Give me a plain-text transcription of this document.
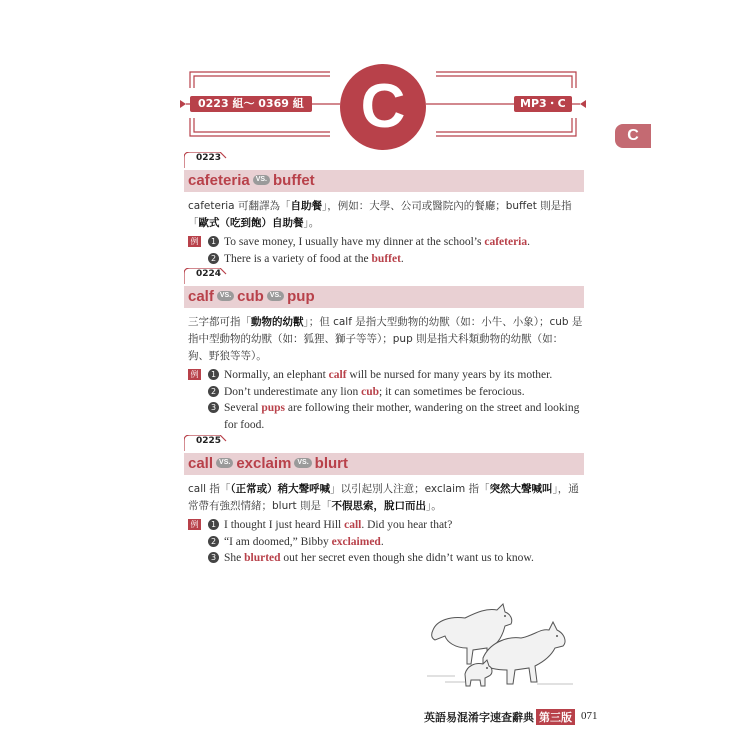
C
0223 組～ 0369 組	MP3・C
C
0223
cafeteria VS. buffet
cafeteria 可翻譯為「自助餐」，例如：大學、公司或醫院內的餐廳；buffet 則是指「歐式（吃到飽）自助餐」。
例	1 To save money, I usually have my dinner at the school’s cafeteria.
2 There is a variety of food at the buffet.
0224
calf VS. cub VS. pup
三字都可指「動物的幼獸」；但 calf 是指大型動物的幼獸（如：小牛、小象）；cub 是指中型動物的幼獸（如：狐狸、獅子等等）；pup 則是指犬科類動物的幼獸（如：狗、野狼等等）。
例	1 Normally, an elephant calf will be nursed for many years by its mother.
2 Don’t underestimate any lion cub; it can sometimes be ferocious.
3 Several pups are following their mother, wandering on the street and looking for food.
0225
call VS. exclaim VS. blurt
call 指「（正常或）稍大聲呼喊」以引起別人注意；exclaim 指「突然大聲喊叫」，通常帶有強烈情緒；blurt 則是「不假思索，脫口而出」。
例	1 I thought I just heard Hill call. Did you hear that?
2 “I am doomed,” Bibby exclaimed.
3 She blurted out her secret even though she didn’t want us to know.
英語易混淆字速查辭典 第三版 071
